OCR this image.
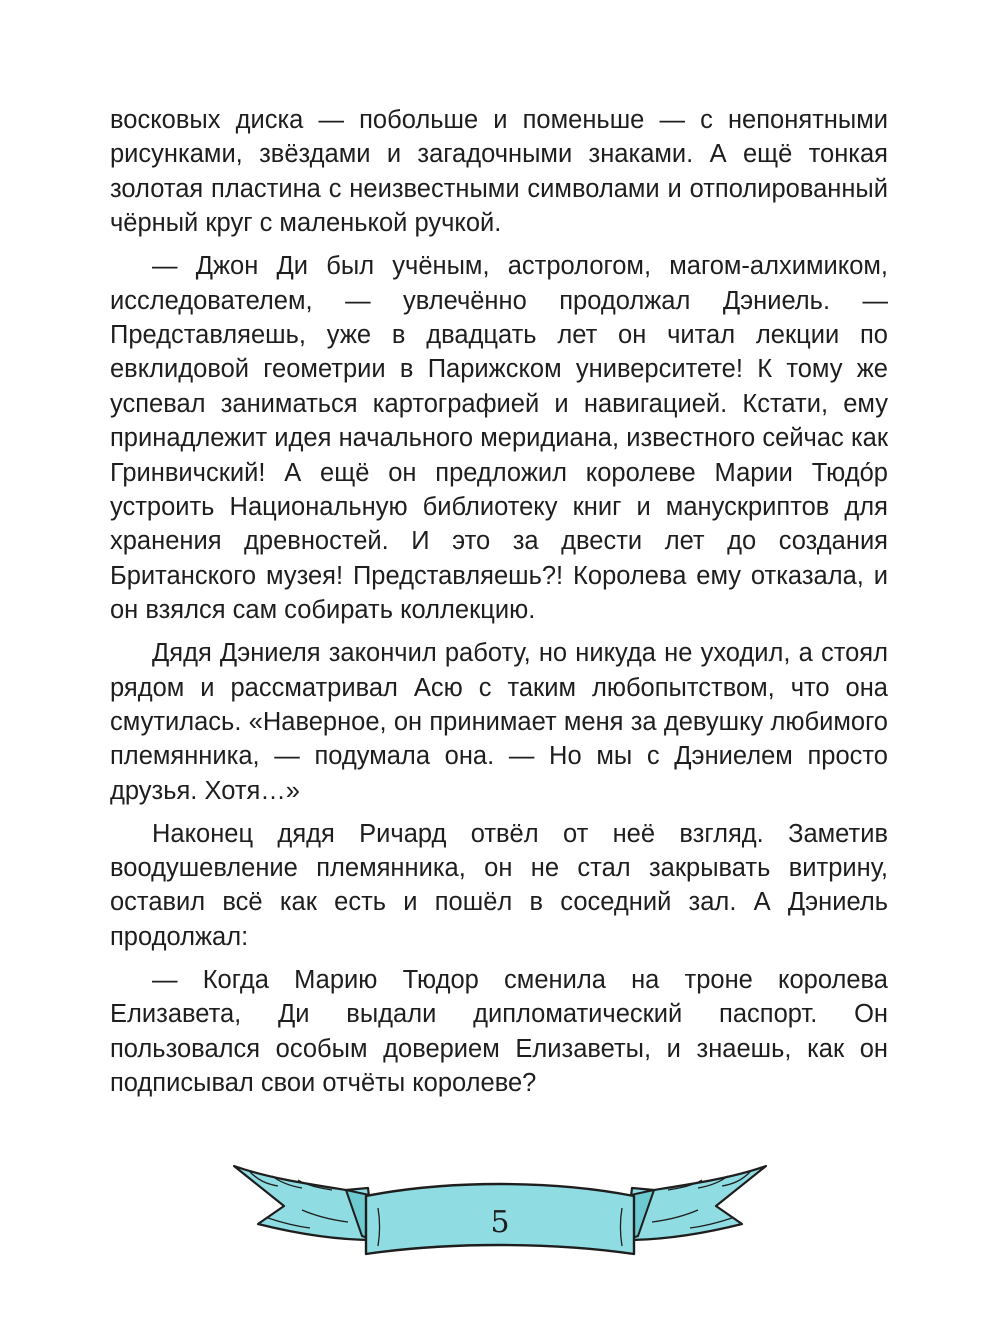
восковых диска — побольше и поменьше — с непонятными рисунками, звёздами и загадочными знаками. А ещё тонкая золотая пластина с неизвестными символами и отполированный чёрный круг с маленькой ручкой.

— Джон Ди был учёным, астрологом, магом-алхимиком, исследователем, — увлечённо продолжал Дэниель. — Представляешь, уже в двадцать лет он читал лекции по евклидовой геометрии в Парижском университете! К тому же успевал заниматься картографией и навигацией. Кстати, ему принадлежит идея начального меридиана, известного сейчас как Гринвичский! А ещё он предложил королеве Марии Тюдо́р устроить Национальную библиотеку книг и манускриптов для хранения древностей. И это за двести лет до создания Британского музея! Представляешь?! Королева ему отказала, и он взялся сам собирать коллекцию.

Дядя Дэниеля закончил работу, но никуда не уходил, а стоял рядом и рассматривал Асю с таким любопытством, что она смутилась. «Наверное, он принимает меня за девушку любимого племянника, — подумала она. — Но мы с Дэниелем просто друзья. Хотя…»

Наконец дядя Ричард отвёл от неё взгляд. Заметив воодушевление племянника, он не стал закрывать витрину, оставил всё как есть и пошёл в соседний зал. А Дэниель продолжал:

— Когда Марию Тюдор сменила на троне королева Елизавета, Ди выдали дипломатический паспорт. Он пользовался особым доверием Елизаветы, и знаешь, как он подписывал свои отчёты королеве?

5
